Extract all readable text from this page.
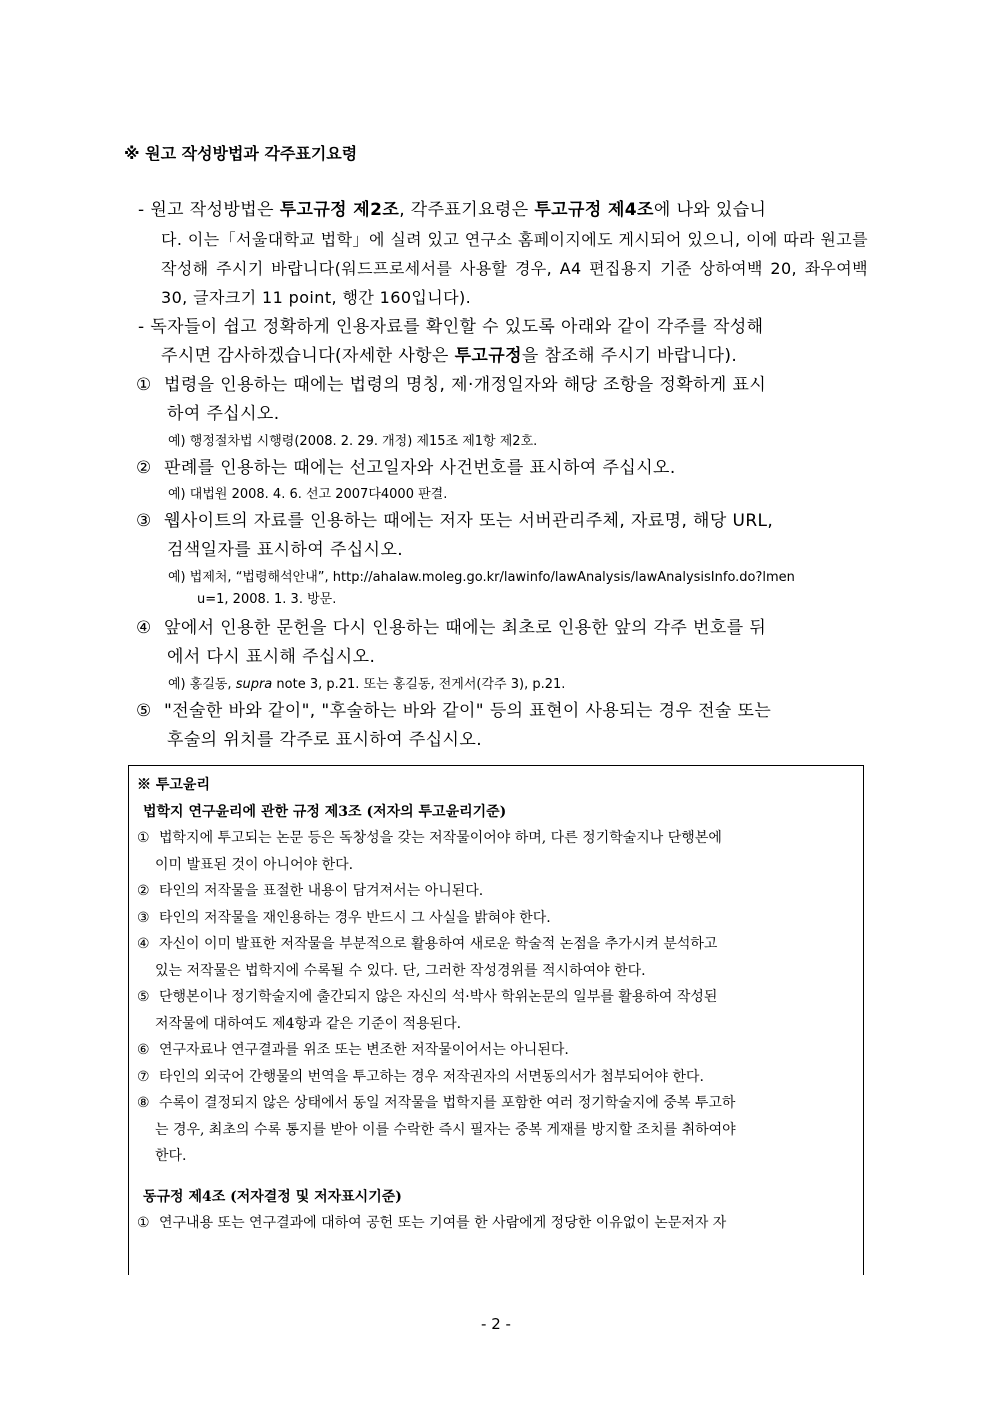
※ 원고 작성방법과 각주표기요령

- 원고 작성방법은 투고규정 제2조, 각주표기요령은 투고규정 제4조에 나와 있습니
다. 이는「서울대학교 법학」에 실려 있고 연구소 홈페이지에도 게시되어 있으니, 이에 따라 원고를 작성해 주시기 바랍니다(워드프로세서를 사용할 경우, A4 편집용지 기준 상하여백 20, 좌우여백 30, 글자크기 11 point, 행간 160입니다).

- 독자들이 쉽고 정확하게 인용자료를 확인할 수 있도록 아래와 같이 각주를 작성해
주시면 감사하겠습니다(자세한 사항은 투고규정을 참조해 주시기 바랍니다).

① 법령을 인용하는 때에는 법령의 명칭, 제·개정일자와 해당 조항을 정확하게 표시
하여 주십시오.

예) 행정절차법 시행령(2008. 2. 29. 개정) 제15조 제1항 제2호.

② 판례를 인용하는 때에는 선고일자와 사건번호를 표시하여 주십시오.

예) 대법원 2008. 4. 6. 선고 2007다4000 판결.

③ 웹사이트의 자료를 인용하는 때에는 저자 또는 서버관리주체, 자료명, 해당 URL,
검색일자를 표시하여 주십시오.

예) 법제처, “법령해석안내”, http://ahalaw.moleg.go.kr/lawinfo/lawAnalysis/lawAnalysisInfo.do?lmen
u=1, 2008. 1. 3. 방문.

④ 앞에서 인용한 문헌을 다시 인용하는 때에는 최초로 인용한 앞의 각주 번호를 뒤
에서 다시 표시해 주십시오.

예) 홍길동, supra note 3, p.21. 또는 홍길동, 전게서(각주 3), p.21.

⑤ "전술한 바와 같이", "후술하는 바와 같이" 등의 표현이 사용되는 경우 전술 또는
후술의 위치를 각주로 표시하여 주십시오.

※ 투고윤리
법학지 연구윤리에 관한 규정 제3조 (저자의 투고윤리기준)
① 법학지에 투고되는 논문 등은 독창성을 갖는 저작물이어야 하며, 다른 정기학술지나 단행본에
이미 발표된 것이 아니어야 한다.
② 타인의 저작물을 표절한 내용이 담겨져서는 아니된다.
③ 타인의 저작물을 재인용하는 경우 반드시 그 사실을 밝혀야 한다.
④ 자신이 이미 발표한 저작물을 부분적으로 활용하여 새로운 학술적 논점을 추가시켜 분석하고
있는 저작물은 법학지에 수록될 수 있다. 단, 그러한 작성경위를 적시하여야 한다.
⑤ 단행본이나 정기학술지에 출간되지 않은 자신의 석·박사 학위논문의 일부를 활용하여 작성된
저작물에 대하여도 제4항과 같은 기준이 적용된다.
⑥ 연구자료나 연구결과를 위조 또는 변조한 저작물이어서는 아니된다.
⑦ 타인의 외국어 간행물의 번역을 투고하는 경우 저작권자의 서면동의서가 첨부되어야 한다.
⑧ 수록이 결정되지 않은 상태에서 동일 저작물을 법학지를 포함한 여러 정기학술지에 중복 투고하
는 경우, 최초의 수록 통지를 받아 이를 수락한 즉시 필자는 중복 게재를 방지할 조치를 취하여야
한다.
동규정 제4조 (저자결정 및 저자표시기준)
① 연구내용 또는 연구결과에 대하여 공헌 또는 기여를 한 사람에게 정당한 이유없이 논문저자 자
- 2 -
